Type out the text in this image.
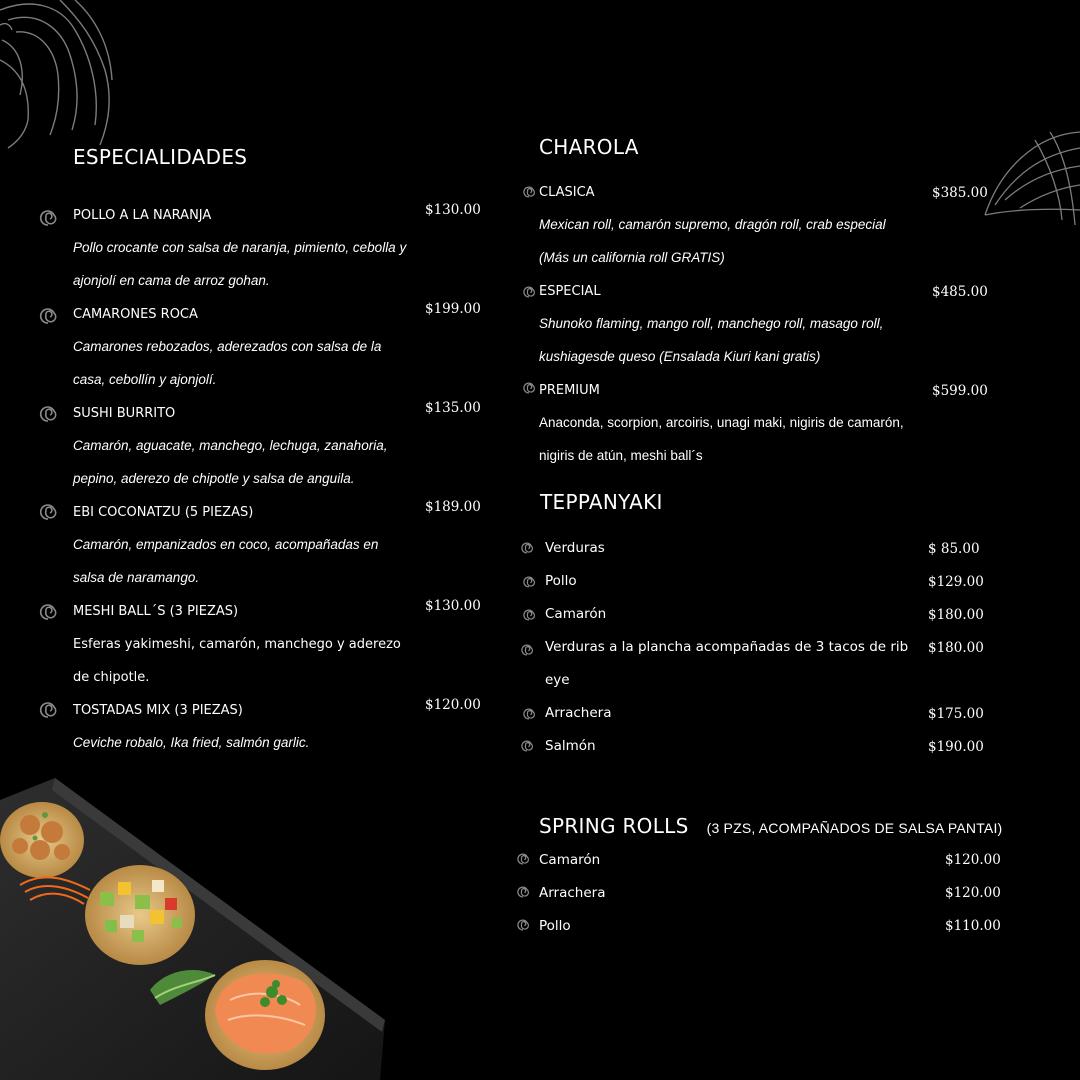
ESPECIALIDADES
POLLO A LA NARANJA	$130.00
Pollo crocante con salsa de naranja, pimiento, cebolla y ajonjolí en cama de arroz gohan.
CAMARONES ROCA	$199.00
Camarones rebozados, aderezados con salsa de la casa, cebollín y ajonjolí.
SUSHI BURRITO	$135.00
Camarón, aguacate, manchego, lechuga, zanahoria, pepino, aderezo de chipotle y salsa de anguila.
EBI COCONATZU (5 PIEZAS)	$189.00
Camarón, empanizados en coco, acompañadas en salsa de naramango.
MESHI BALL´S (3 PIEZAS)	$130.00
Esferas yakimeshi, camarón, manchego y aderezo de chipotle.
TOSTADAS MIX (3 PIEZAS)	$120.00
Ceviche robalo, Ika fried, salmón garlic.
CHAROLA
CLASICA	$385.00
Mexican roll, camarón supremo, dragón roll, crab especial (Más un california roll GRATIS)
ESPECIAL	$485.00
Shunoko flaming, mango roll, manchego roll, masago roll, kushiagesde queso (Ensalada Kiuri kani gratis)
PREMIUM	$599.00
Anaconda, scorpion, arcoiris, unagi maki, nigiris de camarón, nigiris de atún, meshi ball´s
TEPPANYAKI
Verduras	$ 85.00
Pollo	$129.00
Camarón	$180.00
Verduras a la plancha acompañadas de 3 tacos de rib eye
$180.00
Arrachera	$175.00
Salmón	$190.00
SPRING ROLLS (3 PZS, ACOMPAÑADOS DE SALSA PANTAI)
Camarón	$120.00
Arrachera	$120.00
Pollo	$110.00
